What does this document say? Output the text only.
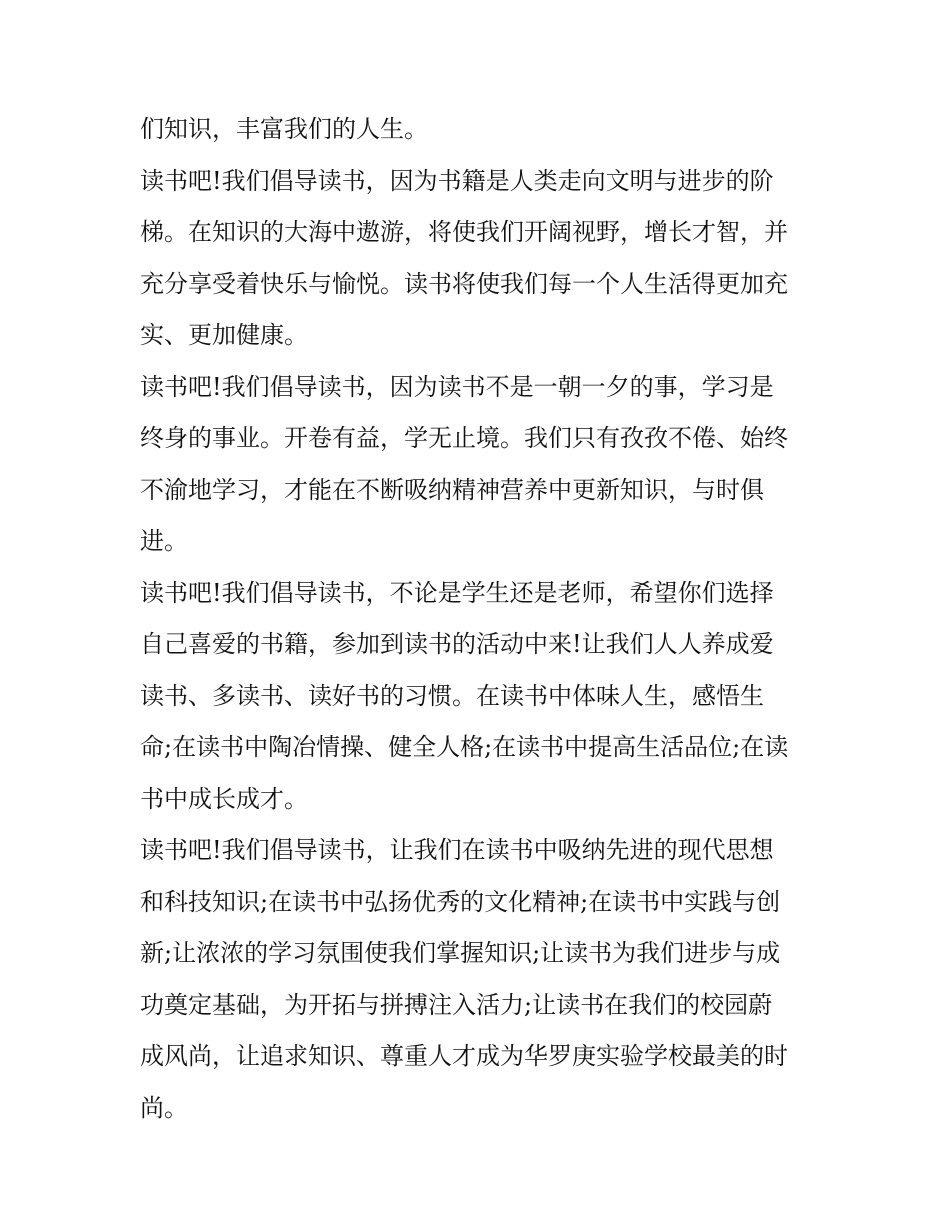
们知识，丰富我们的人生。
读书吧!我们倡导读书，因为书籍是人类走向文明与进步的阶
梯。在知识的大海中遨游，将使我们开阔视野，增长才智，并
充分享受着快乐与愉悦。读书将使我们每一个人生活得更加充
实、更加健康。
读书吧!我们倡导读书，因为读书不是一朝一夕的事，学习是
终身的事业。开卷有益，学无止境。我们只有孜孜不倦、始终
不渝地学习，才能在不断吸纳精神营养中更新知识，与时俱
进。
读书吧!我们倡导读书，不论是学生还是老师，希望你们选择
自己喜爱的书籍，参加到读书的活动中来!让我们人人养成爱
读书、多读书、读好书的习惯。在读书中体味人生，感悟生
命;在读书中陶冶情操、健全人格;在读书中提高生活品位;在读
书中成长成才。
读书吧!我们倡导读书，让我们在读书中吸纳先进的现代思想
和科技知识;在读书中弘扬优秀的文化精神;在读书中实践与创
新;让浓浓的学习氛围使我们掌握知识;让读书为我们进步与成
功奠定基础，为开拓与拼搏注入活力;让读书在我们的校园蔚
成风尚，让追求知识、尊重人才成为华罗庚实验学校最美的时
尚。
